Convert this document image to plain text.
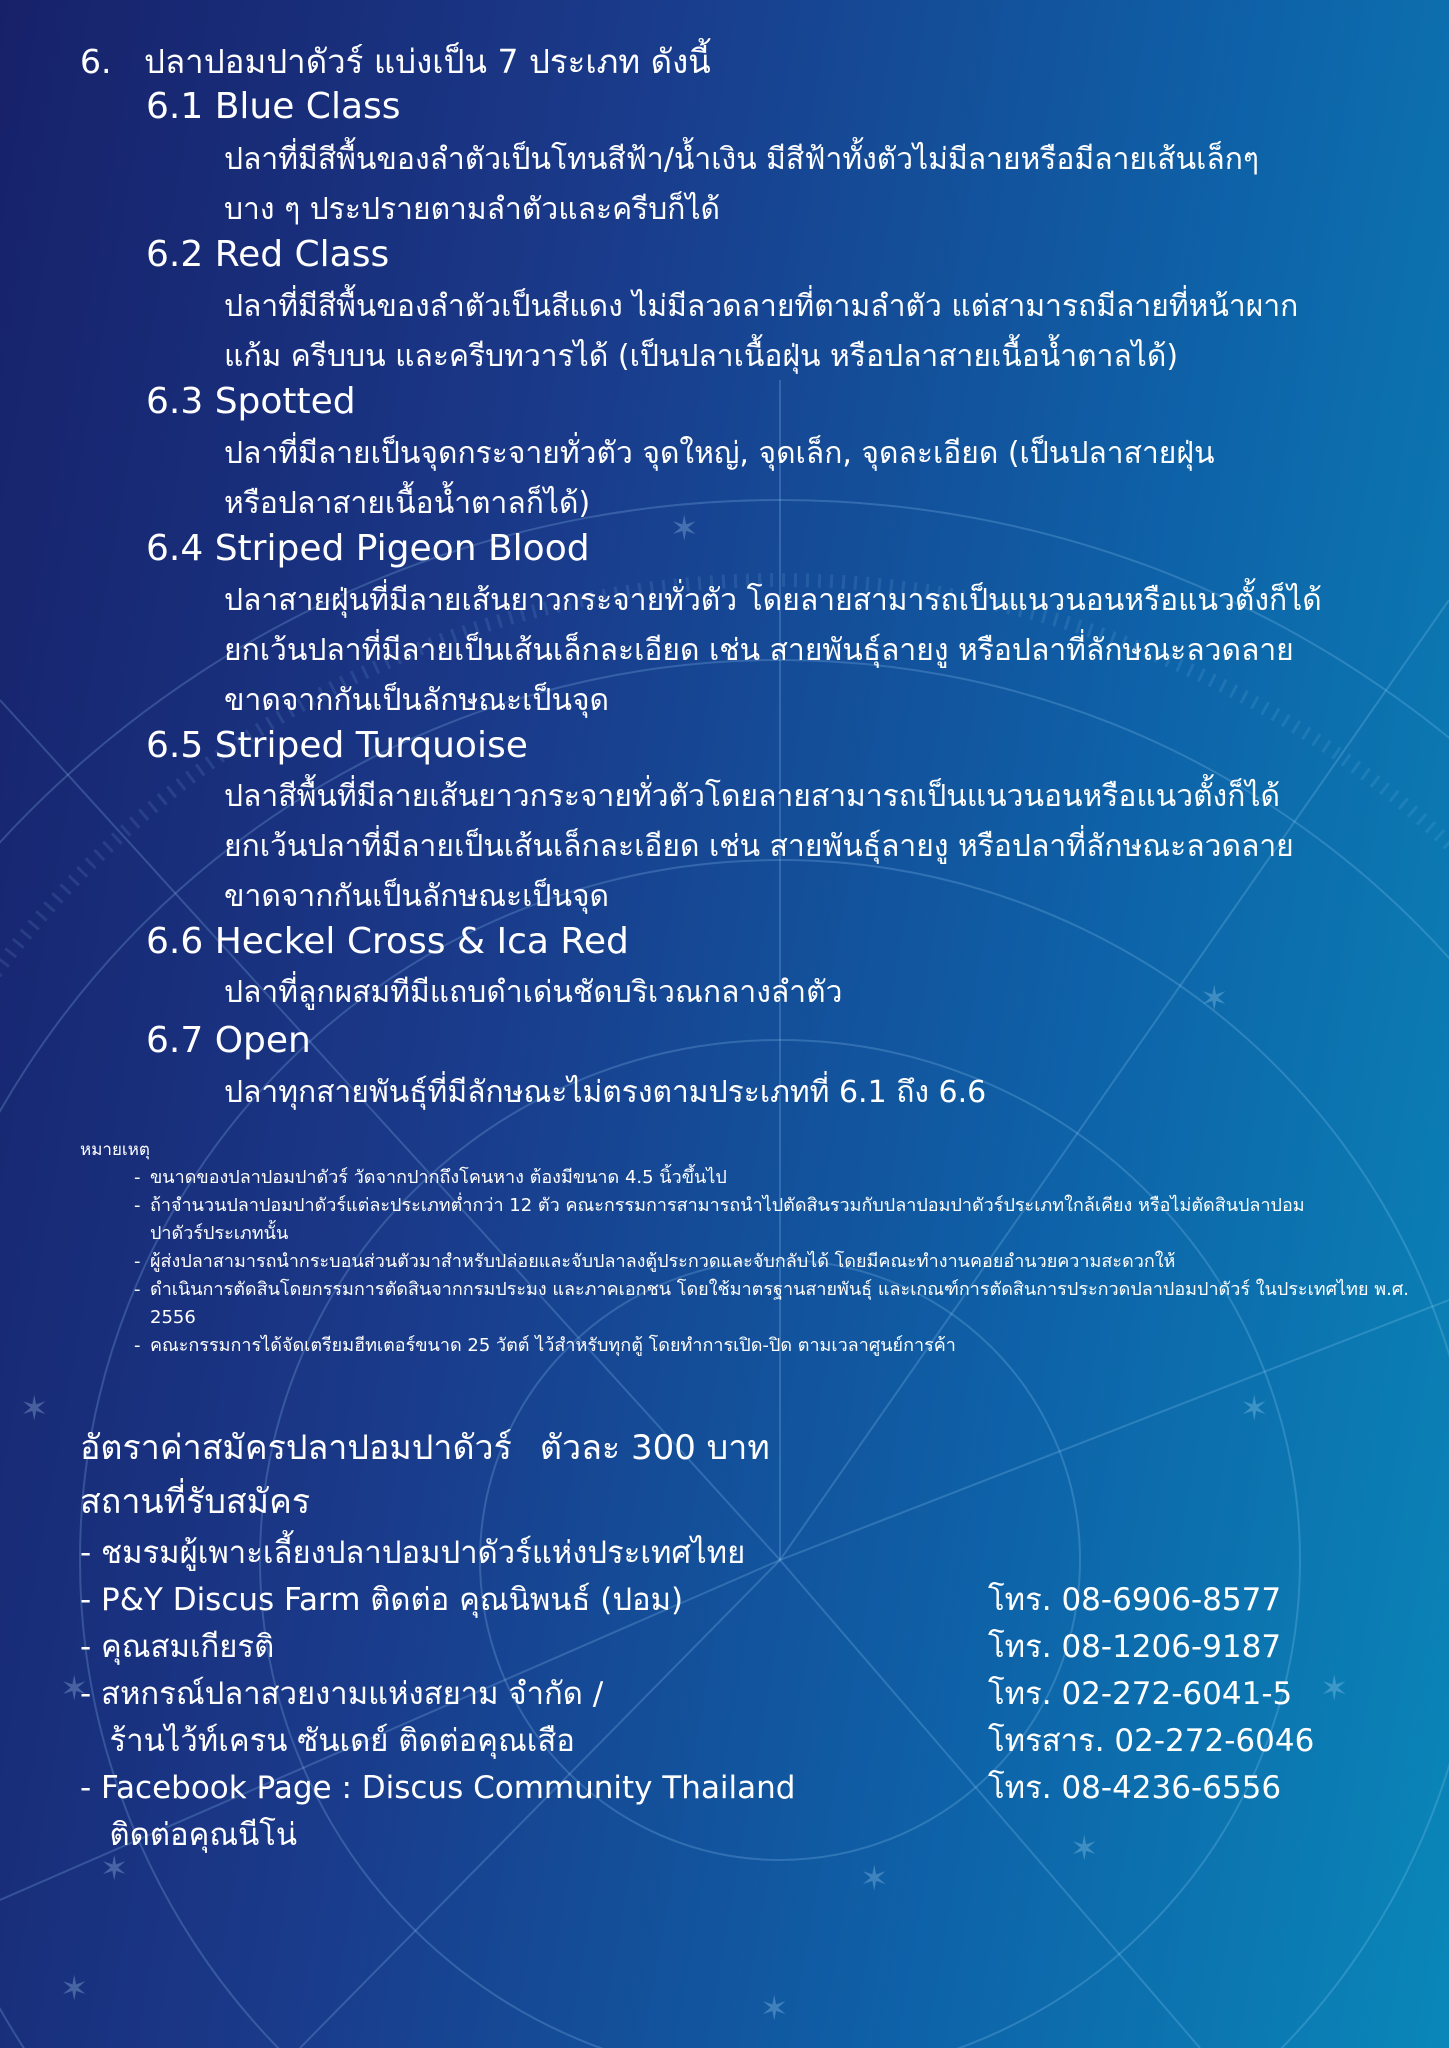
✶
✶
✶	✶
✶
✶	✶
✶
✶	✶
✶
6. ปลาปอมปาดัวร์ แบ่งเป็น 7 ประเภท ดังนี้
6.1 Blue Class
ปลาที่มีสีพื้นของลำตัวเป็นโทนสีฟ้า/น้ำเงิน มีสีฟ้าทั้งตัวไม่มีลายหรือมีลายเส้นเล็กๆ
บาง ๆ ประปรายตามลำตัวและครีบก็ได้
6.2 Red Class
ปลาที่มีสีพื้นของลำตัวเป็นสีแดง ไม่มีลวดลายที่ตามลำตัว แต่สามารถมีลายที่หน้าผาก
แก้ม ครีบบน และครีบทวารได้ (เป็นปลาเนื้อฝุ่น หรือปลาสายเนื้อน้ำตาลได้)
6.3 Spotted
ปลาที่มีลายเป็นจุดกระจายทั่วตัว จุดใหญ่, จุดเล็ก, จุดละเอียด (เป็นปลาสายฝุ่น
หรือปลาสายเนื้อน้ำตาลก็ได้)
6.4 Striped Pigeon Blood
ปลาสายฝุ่นที่มีลายเส้นยาวกระจายทั่วตัว โดยลายสามารถเป็นแนวนอนหรือแนวตั้งก็ได้
ยกเว้นปลาที่มีลายเป็นเส้นเล็กละเอียด เช่น สายพันธุ์ลายงู หรือปลาที่ลักษณะลวดลาย
ขาดจากกันเป็นลักษณะเป็นจุด
6.5 Striped Turquoise
ปลาสีพื้นที่มีลายเส้นยาวกระจายทั่วตัวโดยลายสามารถเป็นแนวนอนหรือแนวตั้งก็ได้
ยกเว้นปลาที่มีลายเป็นเส้นเล็กละเอียด เช่น สายพันธุ์ลายงู หรือปลาที่ลักษณะลวดลาย
ขาดจากกันเป็นลักษณะเป็นจุด
6.6 Heckel Cross & Ica Red
ปลาที่ลูกผสมทีมีแถบดำเด่นชัดบริเวณกลางลำตัว
6.7 Open
ปลาทุกสายพันธุ์ที่มีลักษณะไม่ตรงตามประเภทที่ 6.1 ถึง 6.6
หมายเหตุ
- ขนาดของปลาปอมปาดัวร์ วัดจากปากถึงโคนหาง ต้องมีขนาด 4.5 นิ้วขึ้นไป
- ถ้าจำนวนปลาปอมปาดัวร์แต่ละประเภทต่ำกว่า 12 ตัว คณะกรรมการสามารถนำไปตัดสินรวมกับปลาปอมปาดัวร์ประเภทใกล้เคียง หรือไม่ตัดสินปลาปอมปาดัวร์ประเภทนั้น
- ผู้ส่งปลาสามารถนำกระบอนส่วนตัวมาสำหรับปล่อยและจับปลาลงตู้ประกวดและจับกลับได้ โดยมีคณะทำงานคอยอำนวยความสะดวกให้
- ดำเนินการตัดสินโดยกรรมการตัดสินจากกรมประมง และภาคเอกชน โดยใช้มาตรฐานสายพันธุ์ และเกณฑ์การตัดสินการประกวดปลาปอมปาดัวร์ ในประเทศไทย พ.ศ. 2556
- คณะกรรมการได้จัดเตรียมฮีทเตอร์ขนาด 25 วัตต์ ไว้สำหรับทุกตู้ โดยทำการเปิด-ปิด ตามเวลาศูนย์การค้า
อัตราค่าสมัครปลาปอมปาดัวร์ ตัวละ 300 บาท
สถานที่รับสมัคร
- ชมรมผู้เพาะเลี้ยงปลาปอมปาดัวร์แห่งประเทศไทย
- P&Y Discus Farm ติดต่อ คุณนิพนธ์ (ปอม)	โทร. 08-6906-8577
- คุณสมเกียรติ	โทร. 08-1206-9187
- สหกรณ์ปลาสวยงามแห่งสยาม จำกัด /	โทร. 02-272-6041-5
ร้านไว้ท์เครน ซันเดย์ ติดต่อคุณเสือ	โทรสาร. 02-272-6046
- Facebook Page : Discus Community Thailand	โทร. 08-4236-6556
ติดต่อคุณนีโน่
